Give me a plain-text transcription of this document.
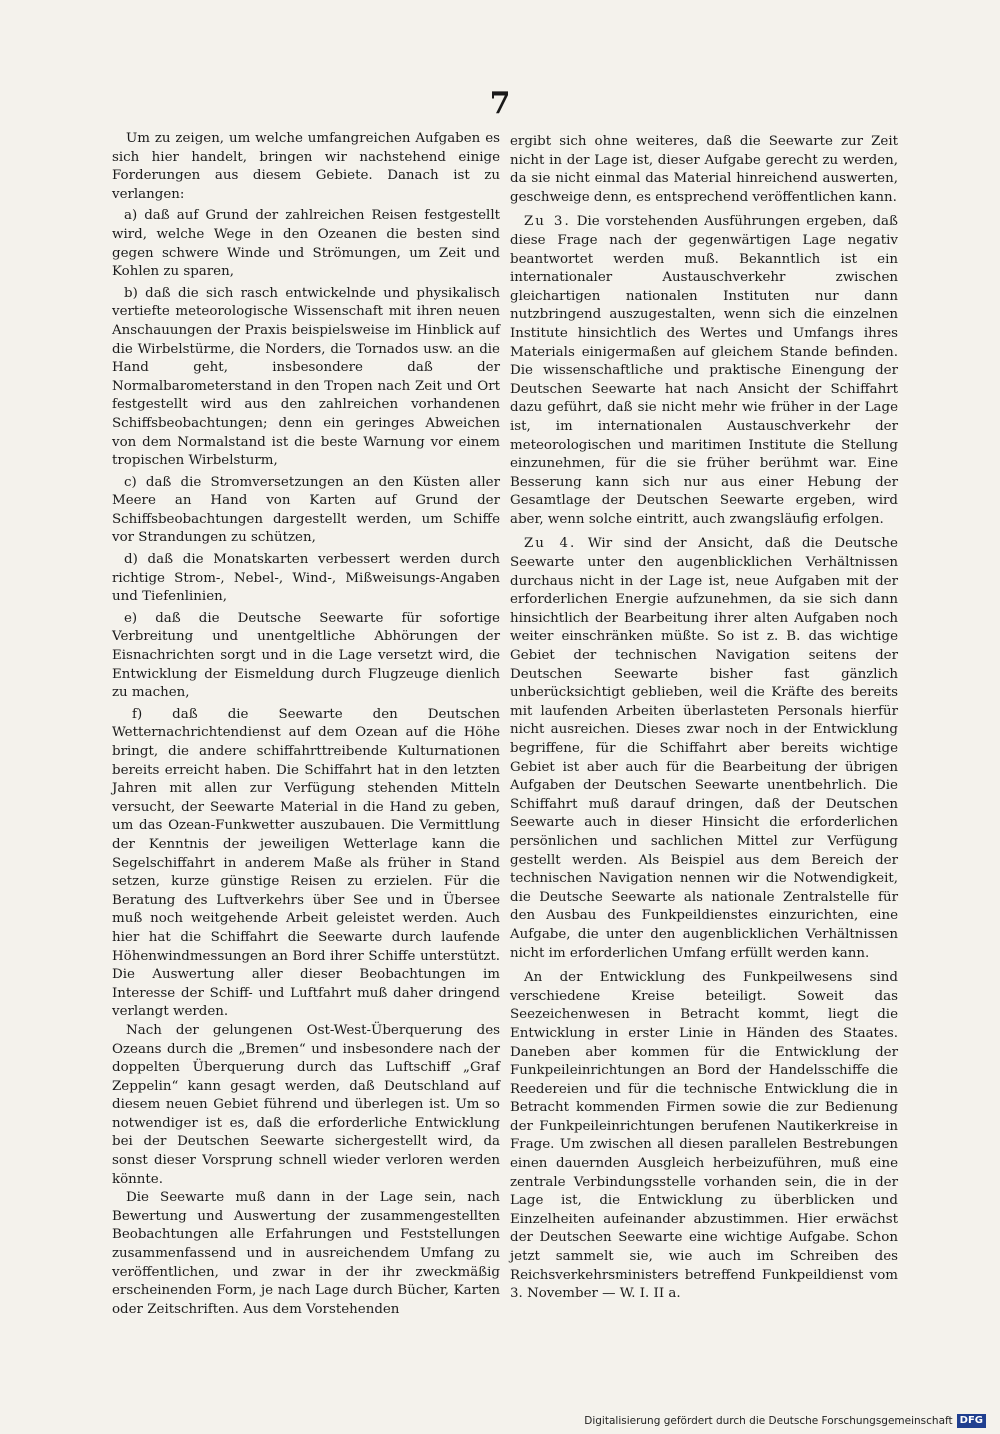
7

Um zu zeigen, um welche umfangreichen Aufgaben es sich hier handelt, bringen wir nachstehend einige Forderungen aus diesem Gebiete. Danach ist zu verlangen:

a) daß auf Grund der zahlreichen Reisen festgestellt wird, welche Wege in den Ozeanen die besten sind gegen schwere Winde und Strömungen, um Zeit und Kohlen zu sparen,

b) daß die sich rasch entwickelnde und physikalisch vertiefte meteorologische Wissenschaft mit ihren neuen Anschauungen der Praxis beispielsweise im Hinblick auf die Wirbelstürme, die Norders, die Tornados usw. an die Hand geht, insbesondere daß der Normalbarometerstand in den Tropen nach Zeit und Ort festgestellt wird aus den zahlreichen vorhandenen Schiffsbeobachtungen; denn ein geringes Abweichen von dem Normalstand ist die beste Warnung vor einem tropischen Wirbelsturm,

c) daß die Stromversetzungen an den Küsten aller Meere an Hand von Karten auf Grund der Schiffsbeobachtungen dargestellt werden, um Schiffe vor Strandungen zu schützen,

d) daß die Monatskarten verbessert werden durch richtige Strom-, Nebel-, Wind-, Mißweisungs-Angaben und Tiefenlinien,

e) daß die Deutsche Seewarte für sofortige Verbreitung und unentgeltliche Abhörungen der Eisnachrichten sorgt und in die Lage versetzt wird, die Entwicklung der Eismeldung durch Flugzeuge dienlich zu machen,

f) daß die Seewarte den Deutschen Wetternachrichtendienst auf dem Ozean auf die Höhe bringt, die andere schiffahrttreibende Kulturnationen bereits erreicht haben. Die Schiffahrt hat in den letzten Jahren mit allen zur Verfügung stehenden Mitteln versucht, der Seewarte Material in die Hand zu geben, um das Ozean-Funkwetter auszubauen. Die Vermittlung der Kenntnis der jeweiligen Wetterlage kann die Segelschiffahrt in anderem Maße als früher in Stand setzen, kurze günstige Reisen zu erzielen. Für die Beratung des Luftverkehrs über See und in Übersee muß noch weitgehende Arbeit geleistet werden. Auch hier hat die Schiffahrt die Seewarte durch laufende Höhenwindmessungen an Bord ihrer Schiffe unterstützt. Die Auswertung aller dieser Beobachtungen im Interesse der Schiff- und Luftfahrt muß daher dringend verlangt werden.

Nach der gelungenen Ost-West-Überquerung des Ozeans durch die „Bremen“ und insbesondere nach der doppelten Überquerung durch das Luftschiff „Graf Zeppelin“ kann gesagt werden, daß Deutschland auf diesem neuen Gebiet führend und überlegen ist. Um so notwendiger ist es, daß die erforderliche Entwicklung bei der Deutschen Seewarte sichergestellt wird, da sonst dieser Vorsprung schnell wieder verloren werden könnte.

Die Seewarte muß dann in der Lage sein, nach Bewertung und Auswertung der zusammengestellten Beobachtungen alle Erfahrungen und Feststellungen zusammenfassend und in ausreichendem Umfang zu veröffentlichen, und zwar in der ihr zweckmäßig erscheinenden Form, je nach Lage durch Bücher, Karten oder Zeitschriften. Aus dem Vorstehenden

ergibt sich ohne weiteres, daß die Seewarte zur Zeit nicht in der Lage ist, dieser Aufgabe gerecht zu werden, da sie nicht einmal das Material hinreichend auswerten, geschweige denn, es entsprechend veröffentlichen kann.

Zu 3. Die vorstehenden Ausführungen ergeben, daß diese Frage nach der gegenwärtigen Lage negativ beantwortet werden muß. Bekanntlich ist ein internationaler Austauschverkehr zwischen gleichartigen nationalen Instituten nur dann nutzbringend auszugestalten, wenn sich die einzelnen Institute hinsichtlich des Wertes und Umfangs ihres Materials einigermaßen auf gleichem Stande befinden. Die wissenschaftliche und praktische Einengung der Deutschen Seewarte hat nach Ansicht der Schiffahrt dazu geführt, daß sie nicht mehr wie früher in der Lage ist, im internationalen Austauschverkehr der meteorologischen und maritimen Institute die Stellung einzunehmen, für die sie früher berühmt war. Eine Besserung kann sich nur aus einer Hebung der Gesamtlage der Deutschen Seewarte ergeben, wird aber, wenn solche eintritt, auch zwangsläufig erfolgen.

Zu 4. Wir sind der Ansicht, daß die Deutsche Seewarte unter den augenblicklichen Verhältnissen durchaus nicht in der Lage ist, neue Aufgaben mit der erforderlichen Energie aufzunehmen, da sie sich dann hinsichtlich der Bearbeitung ihrer alten Aufgaben noch weiter einschränken müßte. So ist z. B. das wichtige Gebiet der technischen Navigation seitens der Deutschen Seewarte bisher fast gänzlich unberücksichtigt geblieben, weil die Kräfte des bereits mit laufenden Arbeiten überlasteten Personals hierfür nicht ausreichen. Dieses zwar noch in der Entwicklung begriffene, für die Schiffahrt aber bereits wichtige Gebiet ist aber auch für die Bearbeitung der übrigen Aufgaben der Deutschen Seewarte unentbehrlich. Die Schiffahrt muß darauf dringen, daß der Deutschen Seewarte auch in dieser Hinsicht die erforderlichen persönlichen und sachlichen Mittel zur Verfügung gestellt werden. Als Beispiel aus dem Bereich der technischen Navigation nennen wir die Notwendigkeit, die Deutsche Seewarte als nationale Zentralstelle für den Ausbau des Funkpeildienstes einzurichten, eine Aufgabe, die unter den augenblicklichen Verhältnissen nicht im erforderlichen Umfang erfüllt werden kann.

An der Entwicklung des Funkpeilwesens sind verschiedene Kreise beteiligt. Soweit das Seezeichenwesen in Betracht kommt, liegt die Entwicklung in erster Linie in Händen des Staates. Daneben aber kommen für die Entwicklung der Funkpeileinrichtungen an Bord der Handelsschiffe die Reedereien und für die technische Entwicklung die in Betracht kommenden Firmen sowie die zur Bedienung der Funkpeileinrichtungen berufenen Nautikerkreise in Frage. Um zwischen all diesen parallelen Bestrebungen einen dauernden Ausgleich herbeizuführen, muß eine zentrale Verbindungsstelle vorhanden sein, die in der Lage ist, die Entwicklung zu überblicken und Einzelheiten aufeinander abzustimmen. Hier erwächst der Deutschen Seewarte eine wichtige Aufgabe. Schon jetzt sammelt sie, wie auch im Schreiben des Reichsverkehrsministers betreffend Funkpeildienst vom 3. November — W. I. II a.

Digitalisierung gefördert durch die Deutsche Forschungsgemeinschaft DFG
